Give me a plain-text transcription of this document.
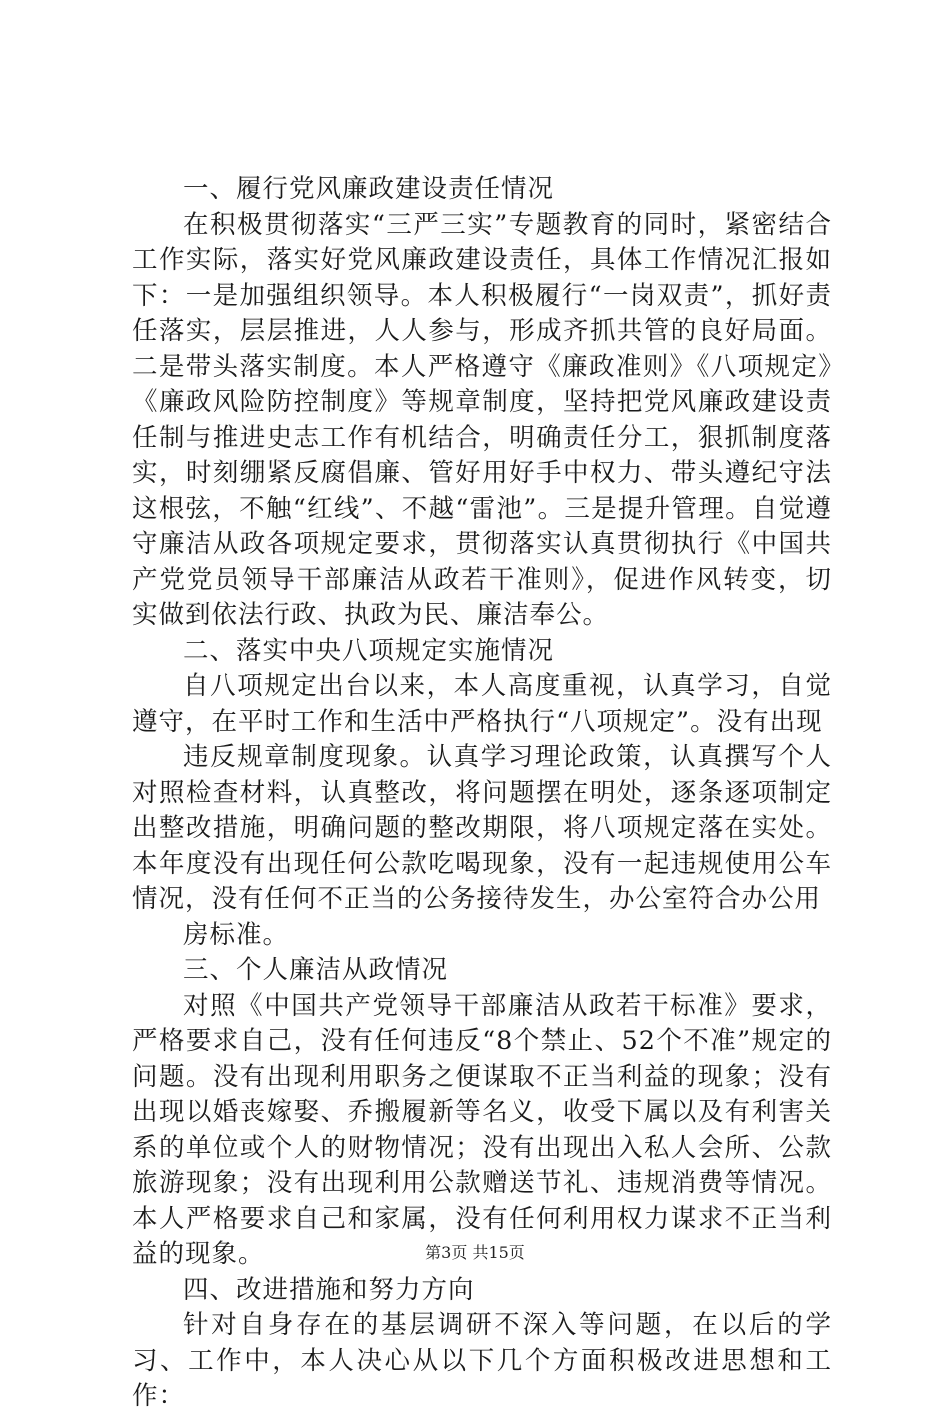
一、履行党风廉政建设责任情况

在积极贯彻落实“三严三实”专题教育的同时，紧密结合工作实际，落实好党风廉政建设责任，具体工作情况汇报如下：一是加强组织领导。本人积极履行“一岗双责”，抓好责任落实，层层推进，人人参与，形成齐抓共管的良好局面。二是带头落实制度。本人严格遵守《廉政准则》《八项规定》《廉政风险防控制度》等规章制度，坚持把党风廉政建设责任制与推进史志工作有机结合，明确责任分工，狠抓制度落实，时刻绷紧反腐倡廉、管好用好手中权力、带头遵纪守法这根弦，不触“红线”、不越“雷池”。三是提升管理。自觉遵守廉洁从政各项规定要求，贯彻落实认真贯彻执行《中国共产党党员领导干部廉洁从政若干准则》，促进作风转变，切实做到依法行政、执政为民、廉洁奉公。

二、落实中央八项规定实施情况

自八项规定出台以来，本人高度重视，认真学习，自觉遵守，在平时工作和生活中严格执行“八项规定”。没有出现

违反规章制度现象。认真学习理论政策，认真撰写个人对照检查材料，认真整改，将问题摆在明处，逐条逐项制定出整改措施，明确问题的整改期限，将八项规定落在实处。本年度没有出现任何公款吃喝现象，没有一起违规使用公车情况，没有任何不正当的公务接待发生，办公室符合办公用

房标准。

三、个人廉洁从政情况

对照《中国共产党领导干部廉洁从政若干标准》要求，严格要求自己，没有任何违反“8个禁止、52个不准”规定的问题。没有出现利用职务之便谋取不正当利益的现象；没有出现以婚丧嫁娶、乔搬履新等名义，收受下属以及有利害关系的单位或个人的财物情况；没有出现出入私人会所、公款旅游现象；没有出现利用公款赠送节礼、违规消费等情况。本人严格要求自己和家属，没有任何利用权力谋求不正当利益的现象。

四、改进措施和努力方向

针对自身存在的基层调研不深入等问题，在以后的学习、工作中，本人决心从以下几个方面积极改进思想和工作：

第3页 共15页
